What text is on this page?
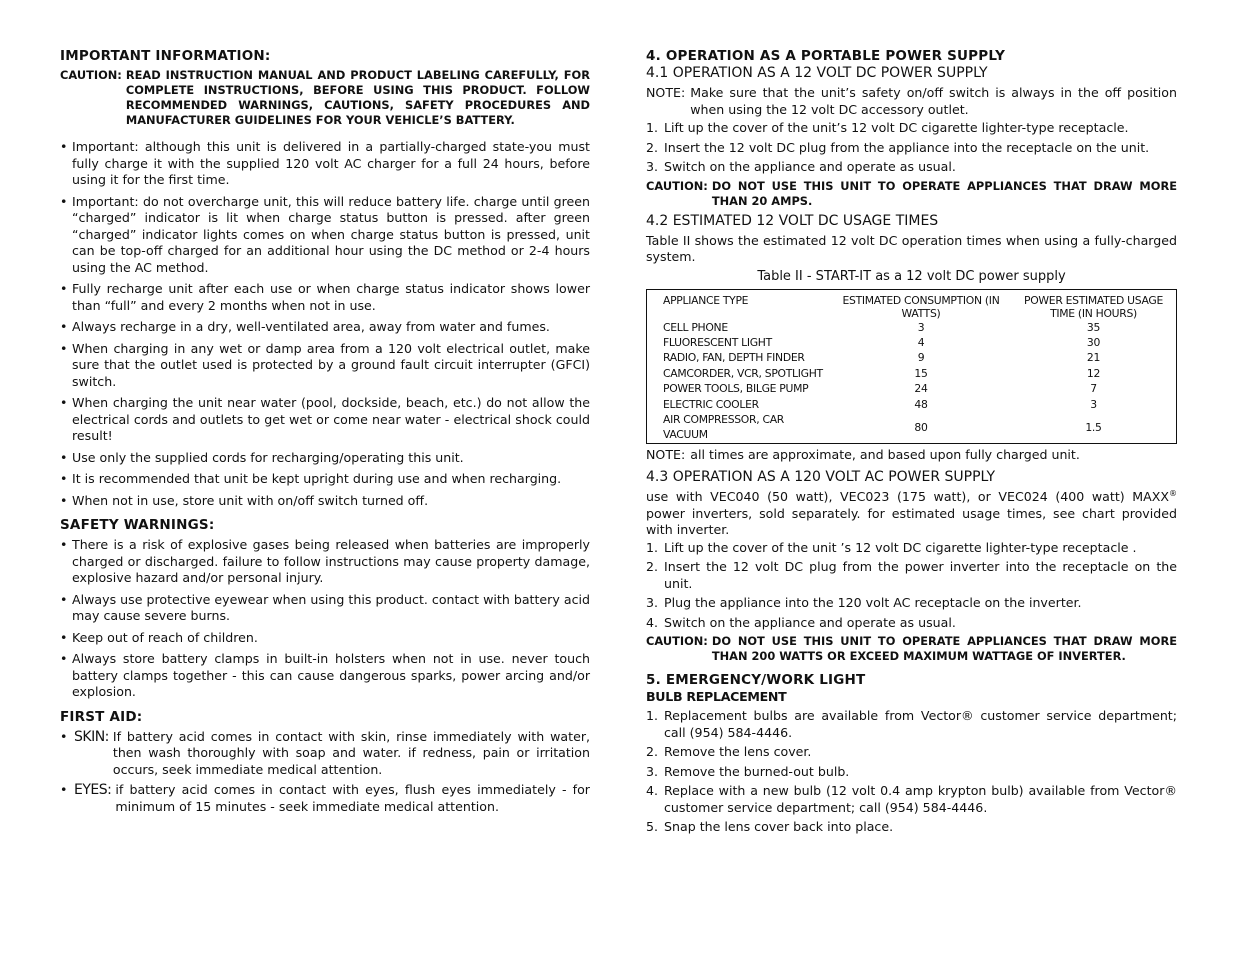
IMPORTANT INFORMATION:

CAUTION: READ INSTRUCTION MANUAL AND PRODUCT LABELING CAREFULLY, FOR COMPLETE INSTRUCTIONS, BEFORE USING THIS PRODUCT. FOLLOW RECOMMENDED WARNINGS, CAUTIONS, SAFETY PROCEDURES AND MANUFACTURER GUIDELINES FOR YOUR VEHICLE’S BATTERY.
• Important: although this unit is delivered in a partially-charged state-you must fully charge it with the supplied 120 volt AC charger for a full 24 hours, before using it for the first time.
• Important: do not overcharge unit, this will reduce battery life. charge until green “charged” indicator is lit when charge status button is pressed. after green “charged” indicator lights comes on when charge status button is pressed, unit can be top-off charged for an additional hour using the DC method or 2-4 hours using the AC method.
• Fully recharge unit after each use or when charge status indicator shows lower than “full” and every 2 months when not in use.
• Always recharge in a dry, well-ventilated area, away from water and fumes.
• When charging in any wet or damp area from a 120 volt electrical outlet, make sure that the outlet used is protected by a ground fault circuit interrupter (GFCI) switch.
• When charging the unit near water (pool, dockside, beach, etc.) do not allow the electrical cords and outlets to get wet or come near water - electrical shock could result!
• Use only the supplied cords for recharging/operating this unit.
• It is recommended that unit be kept upright during use and when recharging.
• When not in use, store unit with on/off switch turned off.

SAFETY WARNINGS:

• There is a risk of explosive gases being released when batteries are improperly charged or discharged. failure to follow instructions may cause property damage, explosive hazard and/or personal injury.
• Always use protective eyewear when using this product. contact with battery acid may cause severe burns.
• Keep out of reach of children.
• Always store battery clamps in built-in holsters when not in use. never touch battery clamps together - this can cause dangerous sparks, power arcing and/or explosion.

FIRST AID:

• SKIN: If battery acid comes in contact with skin, rinse immediately with water, then wash thoroughly with soap and water. if redness, pain or irritation occurs, seek immediate medical attention.
• EYES: if battery acid comes in contact with eyes, flush eyes immediately - for minimum of 15 minutes - seek immediate medical attention.

4. OPERATION AS A PORTABLE POWER SUPPLY

4.1 OPERATION AS A 12 VOLT DC POWER SUPPLY

NOTE: Make sure that the unit’s safety on/off switch is always in the off position when using the 12 volt DC accessory outlet.
1. Lift up the cover of the unit’s 12 volt DC cigarette lighter-type receptacle.
2. Insert the 12 volt DC plug from the appliance into the receptacle on the unit.
3. Switch on the appliance and operate as usual.
CAUTION: DO NOT USE THIS UNIT TO OPERATE APPLIANCES THAT DRAW MORE THAN 20 AMPS.

4.2 ESTIMATED 12 VOLT DC USAGE TIMES

Table II shows the estimated 12 volt DC operation times when using a fully-charged system.

Table II - START-IT as a 12 volt DC power supply

APPLIANCE TYPE	ESTIMATED CONSUMPTION (IN WATTS)	POWER ESTIMATED USAGE TIME (IN HOURS)
CELL PHONE	3	35
FLUORESCENT LIGHT	4	30
RADIO, FAN, DEPTH FINDER	9	21
CAMCORDER, VCR, SPOTLIGHT	15	12
POWER TOOLS, BILGE PUMP	24	7
ELECTRIC COOLER	48	3
AIR COMPRESSOR, CAR VACUUM	80	1.5
NOTE: all times are approximate, and based upon fully charged unit.

4.3 OPERATION AS A 120 VOLT AC POWER SUPPLY

use with VEC040 (50 watt), VEC023 (175 watt), or VEC024 (400 watt) MAXX® power inverters, sold separately. for estimated usage times, see chart provided with inverter.

1. Lift up the cover of the unit ’s 12 volt DC cigarette lighter-type receptacle .
2. Insert the 12 volt DC plug from the power inverter into the receptacle on the unit.
3. Plug the appliance into the 120 volt AC receptacle on the inverter.
4. Switch on the appliance and operate as usual.
CAUTION: DO NOT USE THIS UNIT TO OPERATE APPLIANCES THAT DRAW MORE THAN 200 WATTS OR EXCEED MAXIMUM WATTAGE OF INVERTER.

5. EMERGENCY/WORK LIGHT

BULB REPLACEMENT

1. Replacement bulbs are available from Vector® customer service department; call (954) 584-4446.
2. Remove the lens cover.
3. Remove the burned-out bulb.
4. Replace with a new bulb (12 volt 0.4 amp krypton bulb) available from Vector® customer service department; call (954) 584-4446.
5. Snap the lens cover back into place.
